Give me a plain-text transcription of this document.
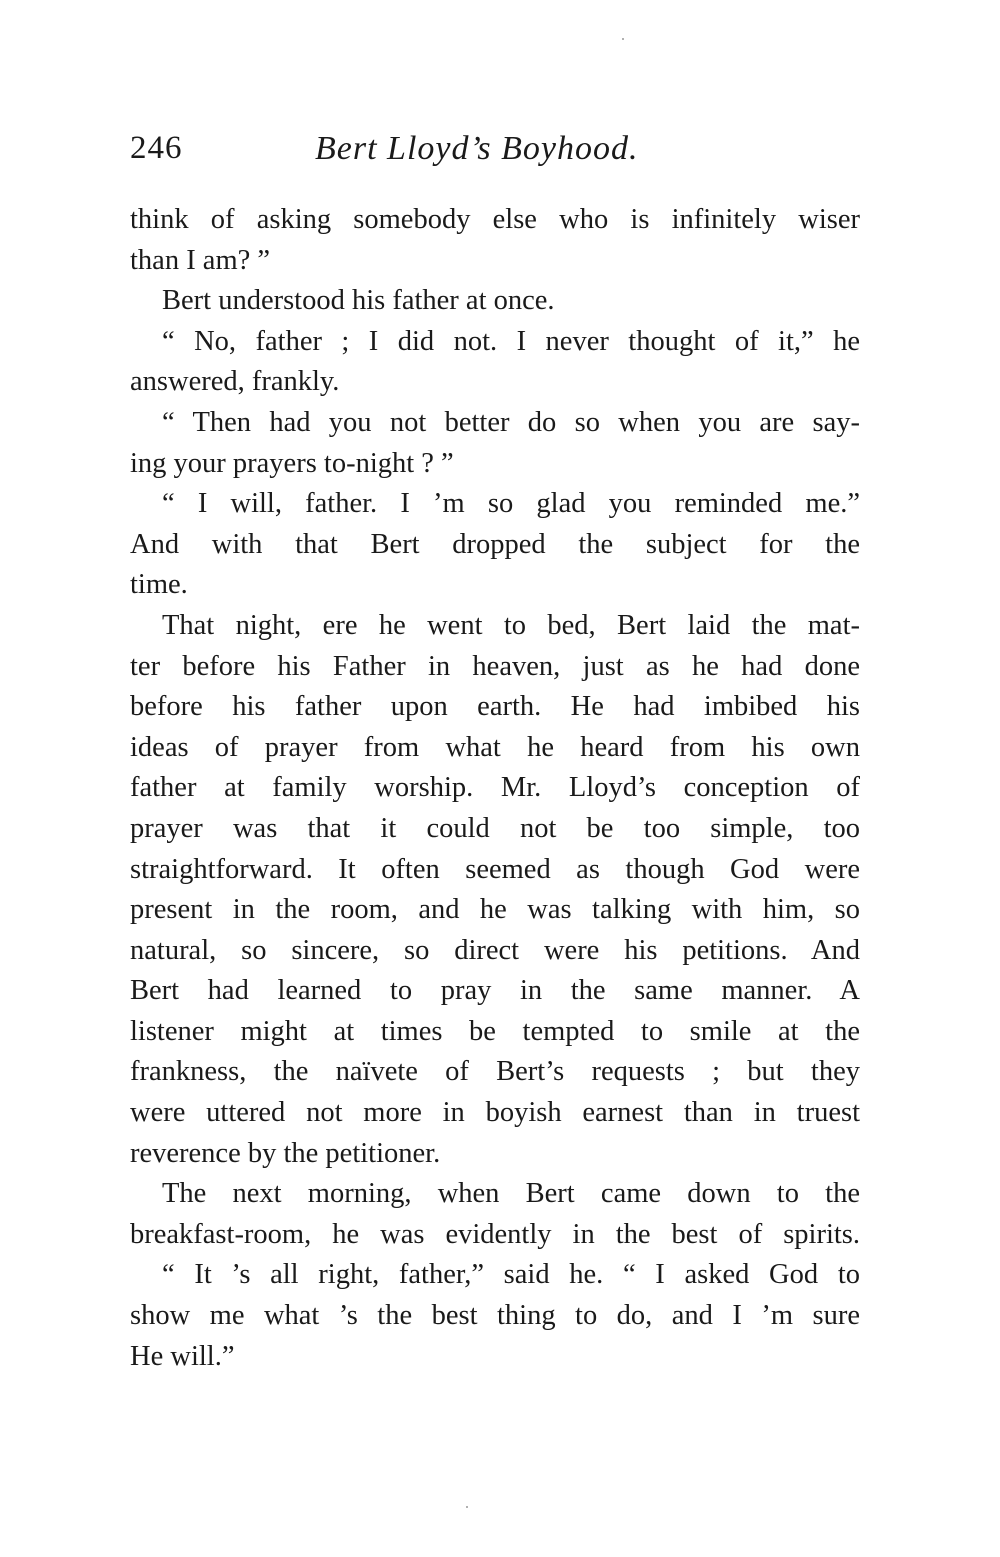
246	Bert Lloyd’s Boyhood.
think of asking somebody else who is infinitely wiser
than I am? ”
Bert understood his father at once.
“ No, father ; I did not. I never thought of it,” he
answered, frankly.
“ Then had you not better do so when you are say-
ing your prayers to-night ? ”
“ I will, father. I ’m so glad you reminded me.”
And with that Bert dropped the subject for the
time.
That night, ere he went to bed, Bert laid the mat-
ter before his Father in heaven, just as he had done
before his father upon earth. He had imbibed his
ideas of prayer from what he heard from his own
father at family worship. Mr. Lloyd’s conception of
prayer was that it could not be too simple, too
straightforward. It often seemed as though God were
present in the room, and he was talking with him, so
natural, so sincere, so direct were his petitions. And
Bert had learned to pray in the same manner. A
listener might at times be tempted to smile at the
frankness, the naïvete of Bert’s requests ; but they
were uttered not more in boyish earnest than in truest
reverence by the petitioner.
The next morning, when Bert came down to the
breakfast-room, he was evidently in the best of spirits.
“ It ’s all right, father,” said he. “ I asked God to
show me what ’s the best thing to do, and I ’m sure
He will.”
